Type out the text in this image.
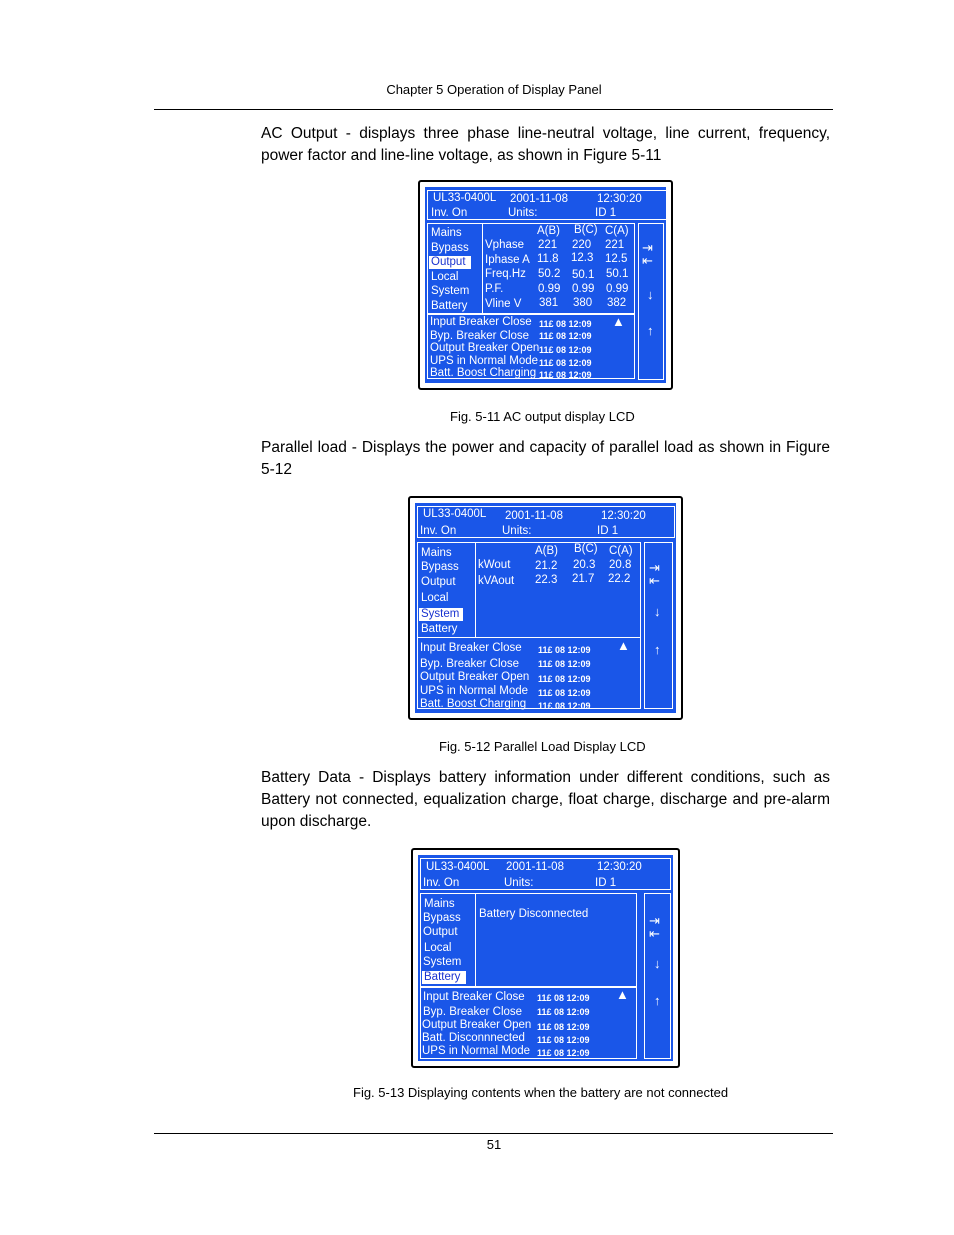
Chapter 5 Operation of Display Panel
AC Output - displays three phase line-neutral voltage, line current, frequency, power factor and line-line voltage, as shown in Figure 5-11
UL33-0400L 2001-11-08	12:30:20
Inv. On	Units:	ID 1
Mains
Bypass
Output
Local
System
Battery
A(B) B(C) C(A)
Vphase 221 220 221
Iphase A 11.8 12.3 12.5
Freq.Hz 50.2 50.1 50.1
P.F.	0.99 0.99 0.99
Vline V 381 380 382
Input Breaker Close 11£ 08 12:09 ▲
Byp. Breaker Close 11£ 08 12:09
Output Breaker Open 11£ 08 12:09
UPS in Normal Mode 11£ 08 12:09
Batt. Boost Charging 11£ 08 12:09
⇥
⇤
↓
↑
Fig. 5-11 AC output display LCD
Parallel load - Displays the power and capacity of parallel load as shown in Figure 5-12
UL33-0400L 2001-11-08	12:30:20
Inv. On	Units:	ID 1
Mains
Bypass
Output
Local
System
Battery
A(B) B(C) C(A)
kWout 21.2 20.3 20.8
kVAout 22.3 21.7 22.2
Input Breaker Close 11£ 08 12:09 ▲
Byp. Breaker Close 11£ 08 12:09
Output Breaker Open 11£ 08 12:09
UPS in Normal Mode 11£ 08 12:09
Batt. Boost Charging 11£ 08 12:09
⇥
⇤
↓
↑
Fig. 5-12 Parallel Load Display LCD
Battery Data - Displays battery information under different conditions, such as Battery not connected, equalization charge, float charge, discharge and pre-alarm upon discharge.
UL33-0400L 2001-11-08	12:30:20
Inv. On	Units:	ID 1
Mains
Bypass
Output
Local
System
Battery
Battery Disconnected
Input Breaker Close 11£ 08 12:09 ▲
Byp. Breaker Close 11£ 08 12:09
Output Breaker Open 11£ 08 12:09
Batt. Disconnnected 11£ 08 12:09
UPS in Normal Mode 11£ 08 12:09
⇥
⇤
↓
↑
Fig. 5-13 Displaying contents when the battery are not connected
51
